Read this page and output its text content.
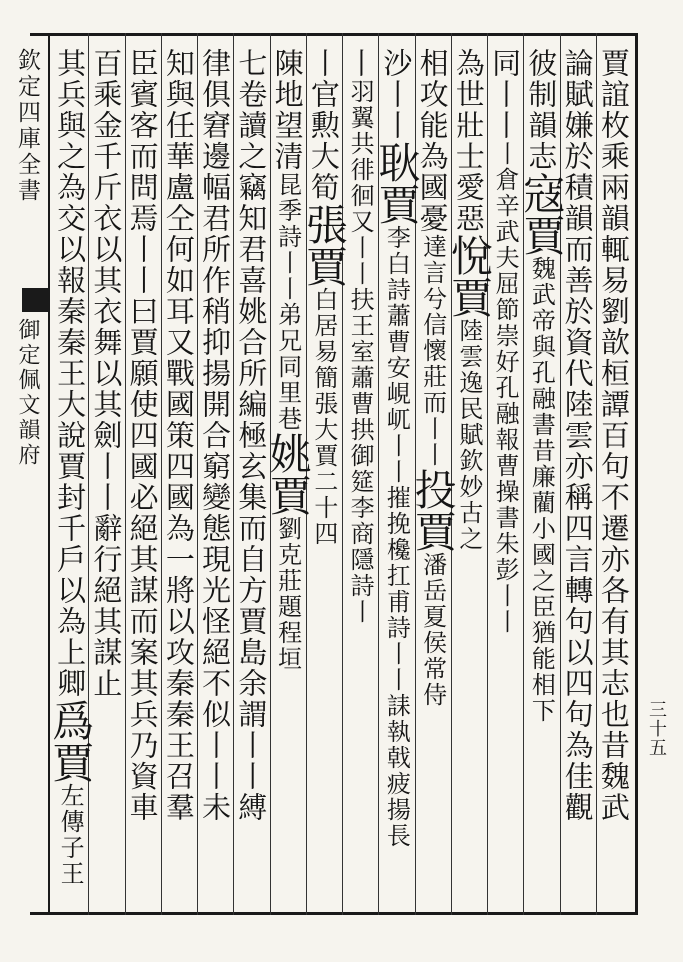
欽定四庫全書
御定佩文韻府
三十五
賈誼枚乘兩韻輒易劉歆桓譚百句不遷亦各有其志也昔魏武
論賦嫌於積韻而善於資代陸雲亦稱四言轉句以四句為佳觀
彼制韻志寇賈魏武帝與孔融書昔廉藺小國之臣猶能相下
同丨丨丨倉辛武夫屈節崇好孔融報曹操書朱彭丨丨
為世壯士愛惡悅賈陸雲逸民賦欽妙古之
相攻能為國憂達言兮信懷莊而丨丨投賈潘岳夏侯常侍
沙丨丨耿賈李白詩蕭曹安峴屼丨丨摧挽欃扛甫詩丨丨誄執戟疲揚長
丨羽翼共徘徊又丨丨扶王室蕭曹拱御筵李商隱詩丨
丨官勲大筍張賈白居易簡張大賈二十四
陳地望清昆季詩丨丨弟兄同里巷姚賈劉克莊題程垣
七卷讀之竊知君喜姚合所編極玄集而自方賈島余謂丨丨縛
律俱窘邊幅君所作稍抑揚開合窮變態現光怪絕不似丨丨未
知與任華盧仝何如耳又戰國策四國為一將以攻秦秦王召羣
臣賓客而問焉丨丨曰賈願使四國必絕其謀而案其兵乃資車
百乘金千斤衣以其衣舞以其劍丨丨辭行絕其謀止
其兵與之為交以報秦秦王大說賈封千戶以為上卿爲賈左傳子王
